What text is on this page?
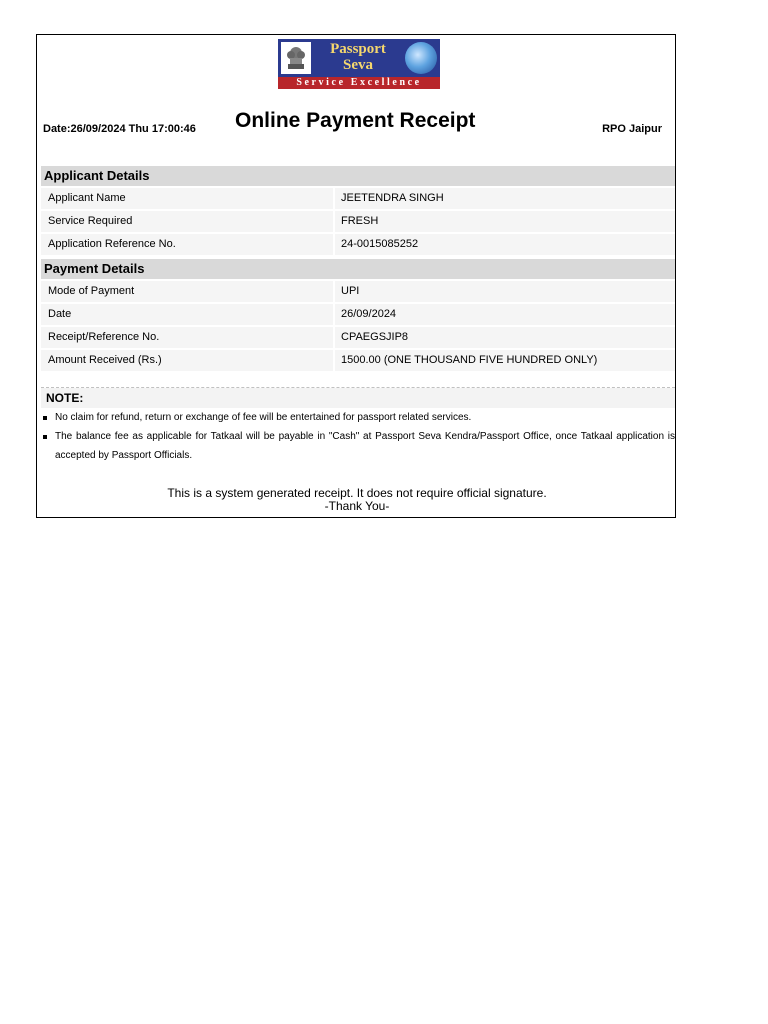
Passport
Seva
Service Excellence
Date:26/09/2024 Thu 17:00:46 Online Payment Receipt	RPO Jaipur
Applicant Details
Applicant Name	JEETENDRA SINGH
Service Required	FRESH
Application Reference No.	24-0015085252
Payment Details
Mode of Payment	UPI
Date	26/09/2024
Receipt/Reference No.	CPAEGSJIP8
Amount Received (Rs.)	1500.00 (ONE THOUSAND FIVE HUNDRED ONLY)
NOTE:
No claim for refund, return or exchange of fee will be entertained for passport related services.
The balance fee as applicable for Tatkaal will be payable in "Cash" at Passport Seva Kendra/Passport Office, once Tatkaal application is accepted by Passport Officials.
This is a system generated receipt. It does not require official signature.
-Thank You-
